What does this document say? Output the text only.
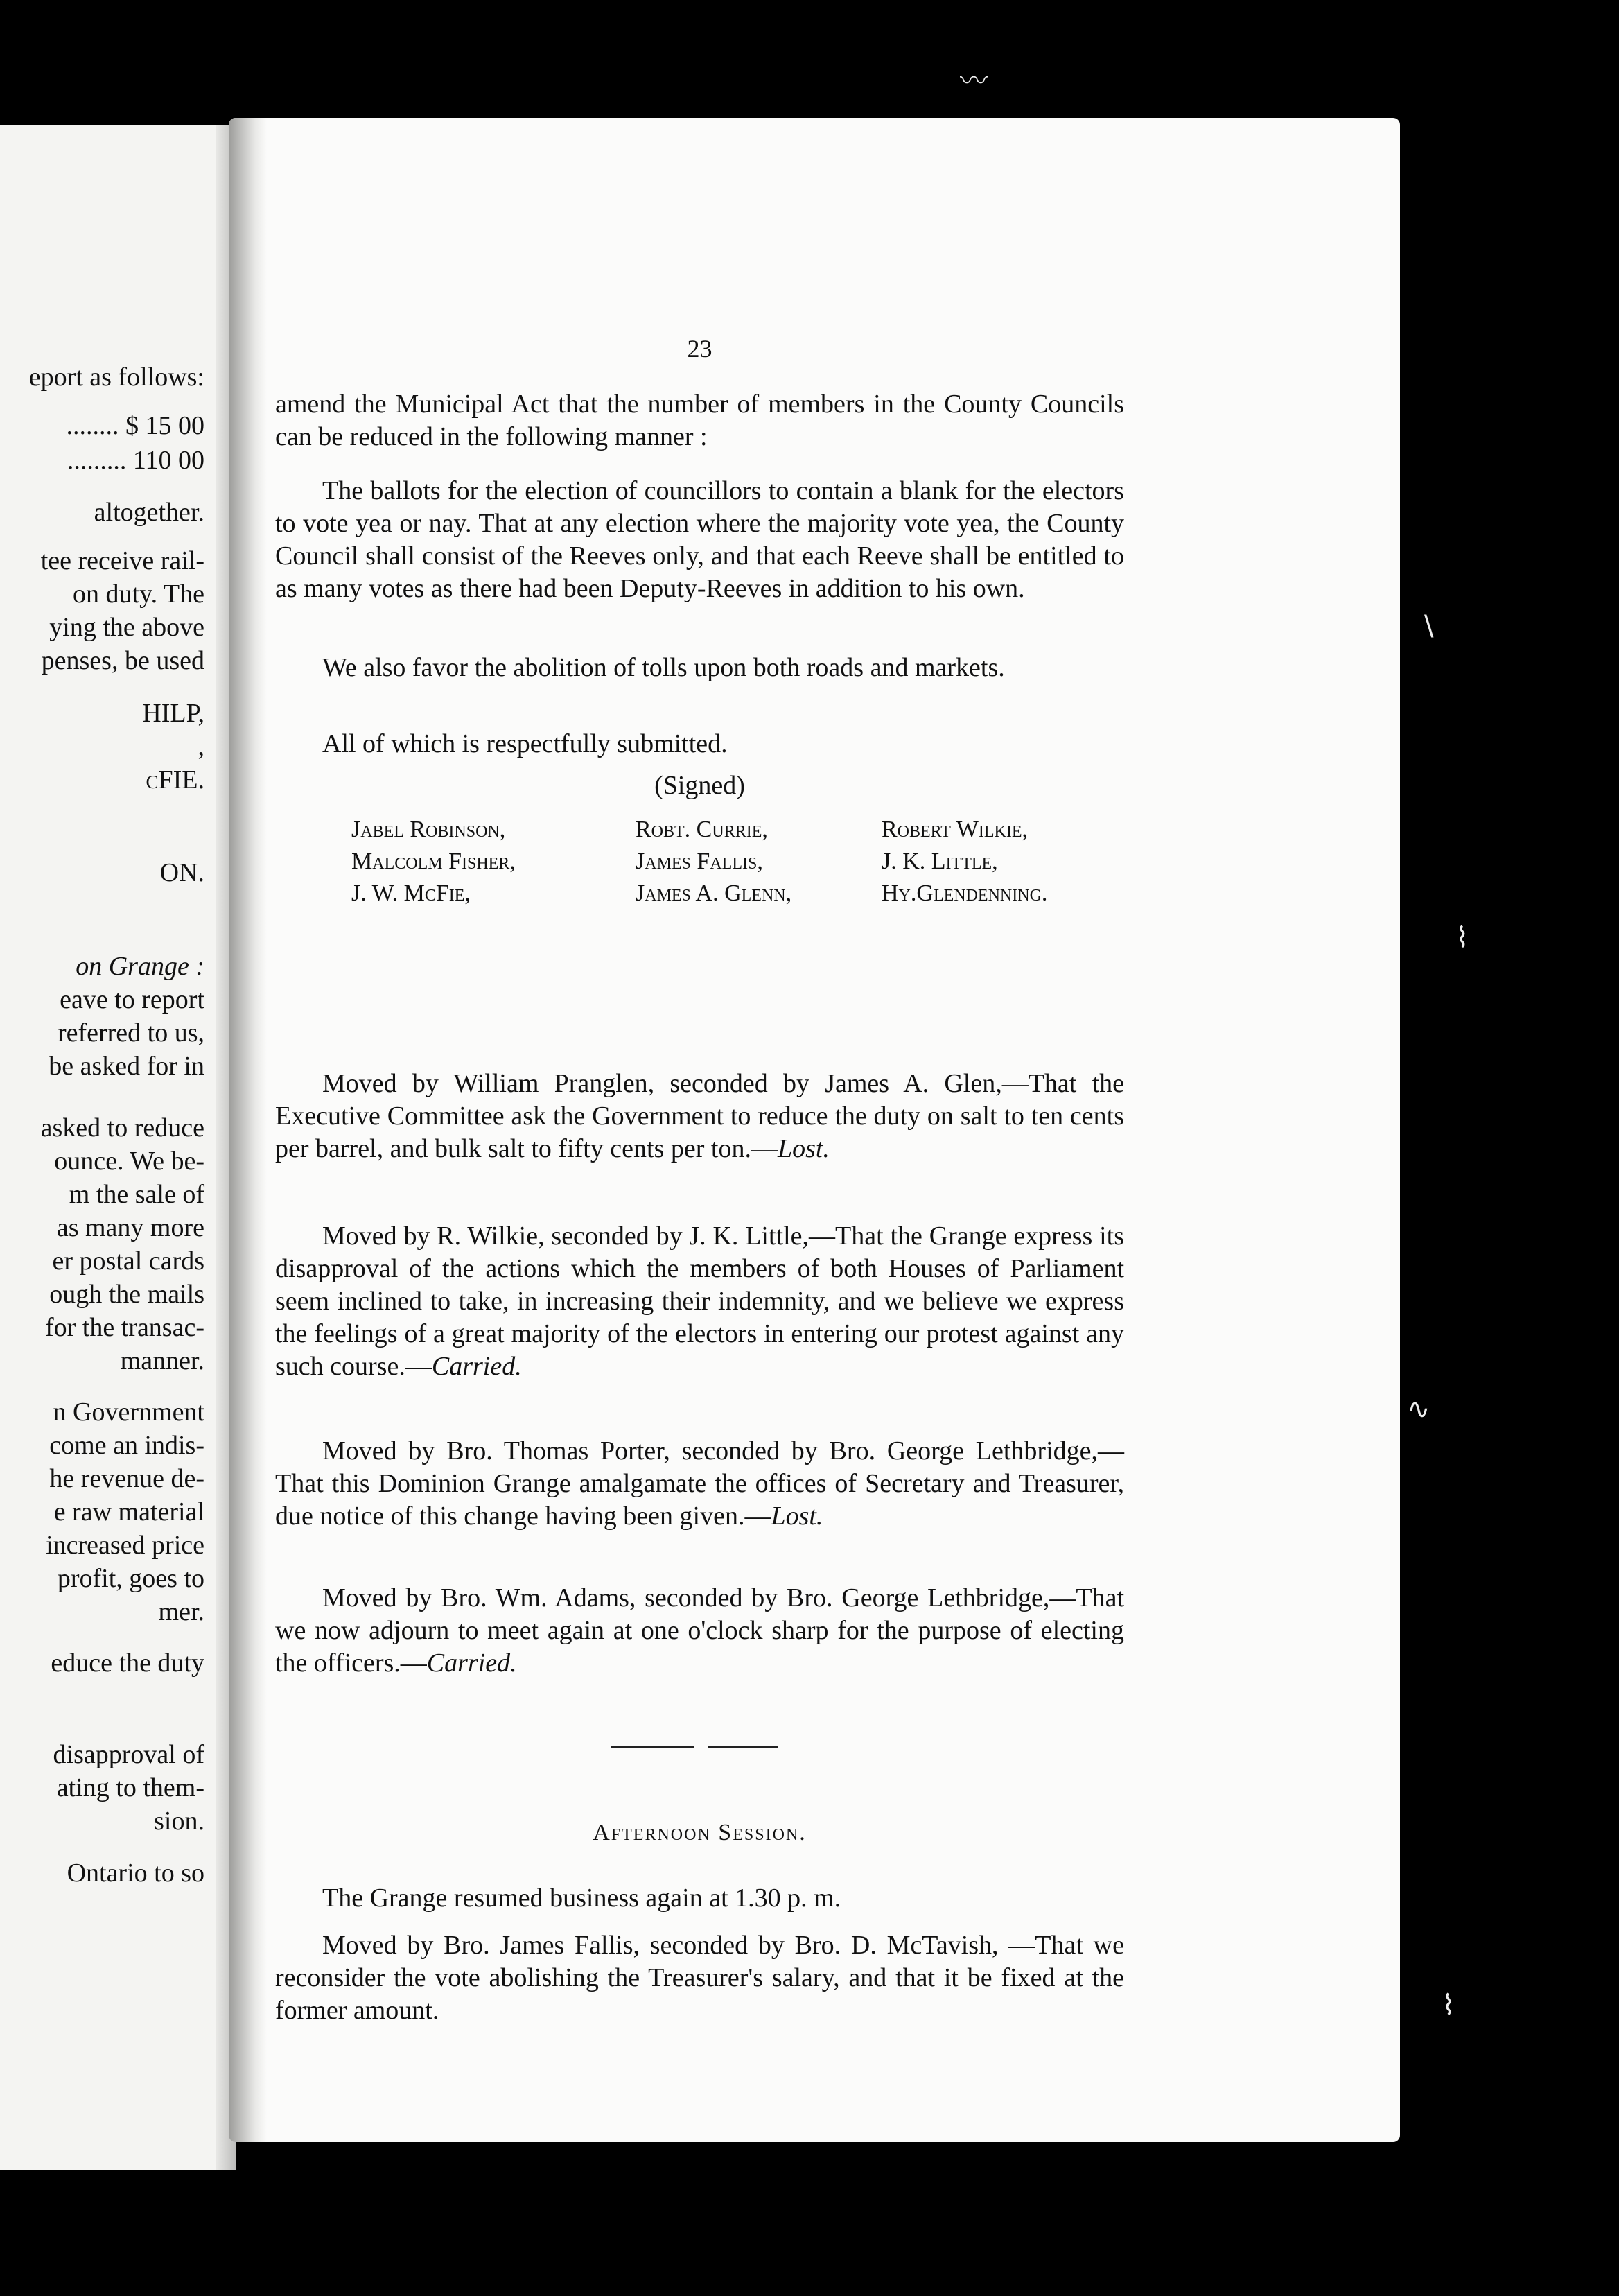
eport as follows:
........ $ 15 00
......... 110 00
altogether.
tee receive rail-
on duty. The
ying the above
penses, be used
HILP,
,
cFIE.
ON.
on Grange :
eave to report
referred to us,
be asked for in
asked to reduce
ounce. We be-
m the sale of
as many more
er postal cards
ough the mails
for the transac-
manner.
n Government
come an indis-
he revenue de-
e raw material
increased price
profit, goes to
mer.
educe the duty
disapproval of
ating to them-
sion.
Ontario to so
23
amend the Municipal Act that the number of members in the County Councils can be reduced in the following manner :
The ballots for the election of councillors to contain a blank for the electors to vote yea or nay. That at any election where the majority vote yea, the County Council shall consist of the Reeves only, and that each Reeve shall be entitled to as many votes as there had been Deputy-Reeves in addition to his own.
We also favor the abolition of tolls upon both roads and markets.
All of which is respectfully submitted.
(Signed)
Jabel Robinson,	Robt. Currie,	Robert Wilkie,
Malcolm Fisher,	James Fallis,	J. K. Little,
J. W. McFie,	James A. Glenn,	Hy.Glendenning.
Moved by William Pranglen, seconded by James A. Glen,—That the Executive Committee ask the Government to reduce the duty on salt to ten cents per barrel, and bulk salt to fifty cents per ton.—Lost.
Moved by R. Wilkie, seconded by J. K. Little,—That the Grange express its disapproval of the actions which the members of both Houses of Parliament seem inclined to take, in increasing their indemnity, and we believe we express the feelings of a great majority of the electors in entering our protest against any such course.—Carried.
Moved by Bro. Thomas Porter, seconded by Bro. George Lethbridge,—That this Dominion Grange amalgamate the offices of Secretary and Treasurer, due notice of this change having been given.—Lost.
Moved by Bro. Wm. Adams, seconded by Bro. George Lethbridge,—That we now adjourn to meet again at one o'clock sharp for the purpose of electing the officers.—Carried.
Afternoon Session.
The Grange resumed business again at 1.30 p. m.
Moved by Bro. James Fallis, seconded by Bro. D. McTavish, —That we reconsider the vote abolishing the Treasurer's salary, and that it be fixed at the former amount.
〰
\
⌇
∿
⌇
